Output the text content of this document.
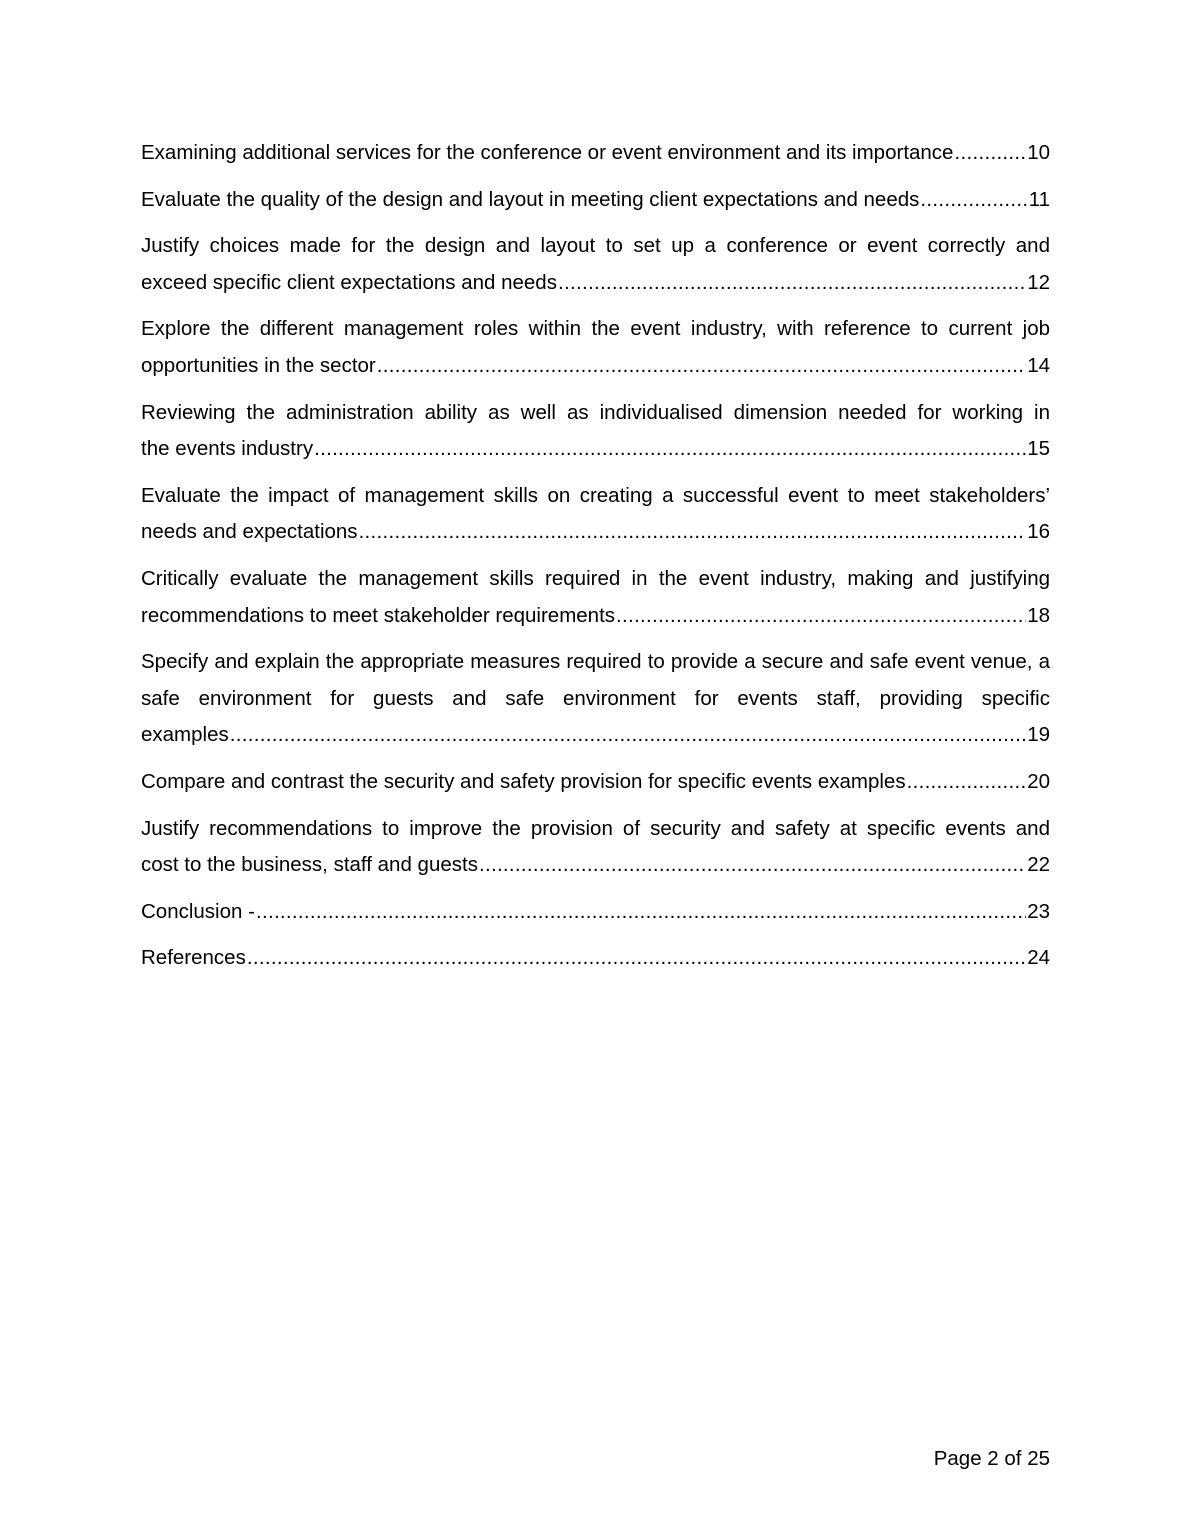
Examining additional services for the conference or event environment and its importance .....	10
Evaluate the quality of the design and layout in meeting client expectations and needs .....	11
Justify choices made for the design and layout to set up a conference or event correctly and
exceed specific client expectations and needs .....	12
Explore the different management roles within the event industry, with reference to current job
opportunities in the sector .....	14
Reviewing the administration ability as well as individualised dimension needed for working in
the events industry .....	15
Evaluate the impact of management skills on creating a successful event to meet stakeholders’
needs and expectations .....	16
Critically evaluate the management skills required in the event industry, making and justifying
recommendations to meet stakeholder requirements .....	18
Specify and explain the appropriate measures required to provide a secure and safe event venue, a safe environment for guests and safe environment for events staff, providing specific
examples .....	19
Compare and contrast the security and safety provision for specific events examples .....	20
Justify recommendations to improve the provision of security and safety at specific events and
cost to the business, staff and guests .....	22
Conclusion - .....	23
References .....	24
Page 2 of 25
